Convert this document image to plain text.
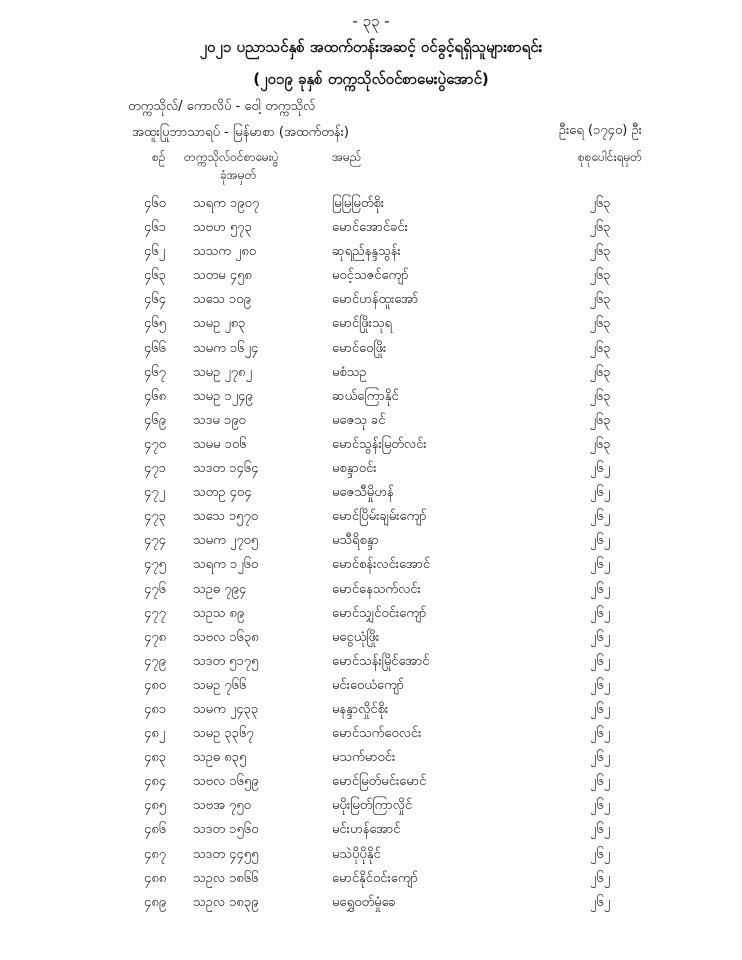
- ၃၃ -
၂၀၂၁ ပညာသင်နှစ် အထက်တန်းအဆင့် ဝင်ခွင့်ရရှိသူများစာရင်း
(၂၀၁၉ ခုနှစ် တက္ကသိုလ်ဝင်စာမေးပွဲအောင်)
တက္ကသိုလ်/ ကောလိပ် - ဝေါ့ တက္ကသိုလ်
အထူးပြုဘာသာရပ် - မြန်မာစာ (အထက်တန်း)	ဦးရေ (၁၇၄၀) ဦး
စဉ် တက္ကသိုလ်ဝင်စာမေးပွဲ
ခုံအမှတ်
အမည်	စုစုပေါင်းရမှတ်
၄၆၀ သရက ၁၉၀၇	မြမြမြတ်စိုး	၂၆၃
၄၆၁ သဗဟ ၅၇၃	မောင်အောင်ခင်း	၂၆၃
၄၆၂ သသက ၂၈၀	ဆုရည်နန္ဒသွန်း	၂၆၃
၄၆၃ သတမ ၄၅၈	မဝင့်သဇင်ကျော်	၂၆၃
၄၆၄ သသေ ၁၀၉	မောင်ဟန်ထူးအော်	၂၆၃
၄၆၅ သမဥ ၂၈၃	မောင်ဖြိုးသုရ	၂၆၃
၄၆၆ သမက ၁၆၂၄	မောင်ဝေဖြိုး	၂၆၃
၄၆၇ သမဥ ၂၇၈၂	မစံသဥ	၂၆၃
၄၆၈ သမဥ ၁၂၄၉	ဆယ်ကြောနိုင်	၂၆၃
၄၆၉ သဒမ ၁၉၀	မဇေသု ခင်	၂၆၃
၄၇၀ သမမ ၁၀၆	မောင်သွန်းမြတ်လင်း	၂၆၃
၄၇၁ သဒတ ၁၄၆၄	မစန္ဒာဝင်း	၂၆၂
၄၇၂ သတဥ ၄၀၄	မဇေသီမှိုဟန်	၂၆၂
၄၇၃ သသေ ၁၅၇၀	မောင်ပြိမ်းချမ်းကျော်	၂၆၂
၄၇၄ သမက ၂၇၀၅	မသီရိစန္ဒာ	၂၆၂
၄၇၅ သရက ၁၂၆၀	မောင်စန်းလင်းအောင်	၂၆၂
၄၇၆ သဥဓ ၇၉၄	မောင်နေသက်လင်း	၂၆၂
၄၇၇ သဥသ ၈၉	မောင်သျှင်ဝင်းကျော်	၂၆၂
၄၇၈ သဗလ ၁၆၃၈	မငွေယုံဖြိုး	၂၆၂
၄၇၉ သဒတ ၅၁၇၅	မောင်သန်းမြိုင်အောင်	၂၆၂
၄၈၀ သမဥ ၇၆၆	မင်းဝေယံကျော်	၂၆၂
၄၈၁ သမက ၂၄၃၃	မနန္ဒာလှိုင်စိုး	၂၆၂
၄၈၂ သမဥ ၃၃၆၇	မောင်သက်ဝေလင်း	၂၆၂
၄၈၃ သဥဓ ၈၃၅	မသက်မာဝင်း	၂၆၂
၄၈၄ သဗလ ၁၆၅၉	မောင်မြတ်မင်းမောင်	၂၆၂
၄၈၅ သဗအ ၇၅၀	မပိုးမြတ်ကြာလှိုင်	၂၆၂
၄၈၆ သဒတ ၁၅၆၀	မင်းဟန်အောင်	၂၆၂
၄၈၇ သဒတ ၄၄၅၅	မသဲပိုပိုနိုင်	၂၆၂
၄၈၈ သဥလ ၁၈၆၆	မောင်နိုင်ဝင်းကျော်	၂၆၂
၄၈၉ သဥလ ၁၈၃၉	မရွှေဝတ်မှုံခေ	၂၆၂
